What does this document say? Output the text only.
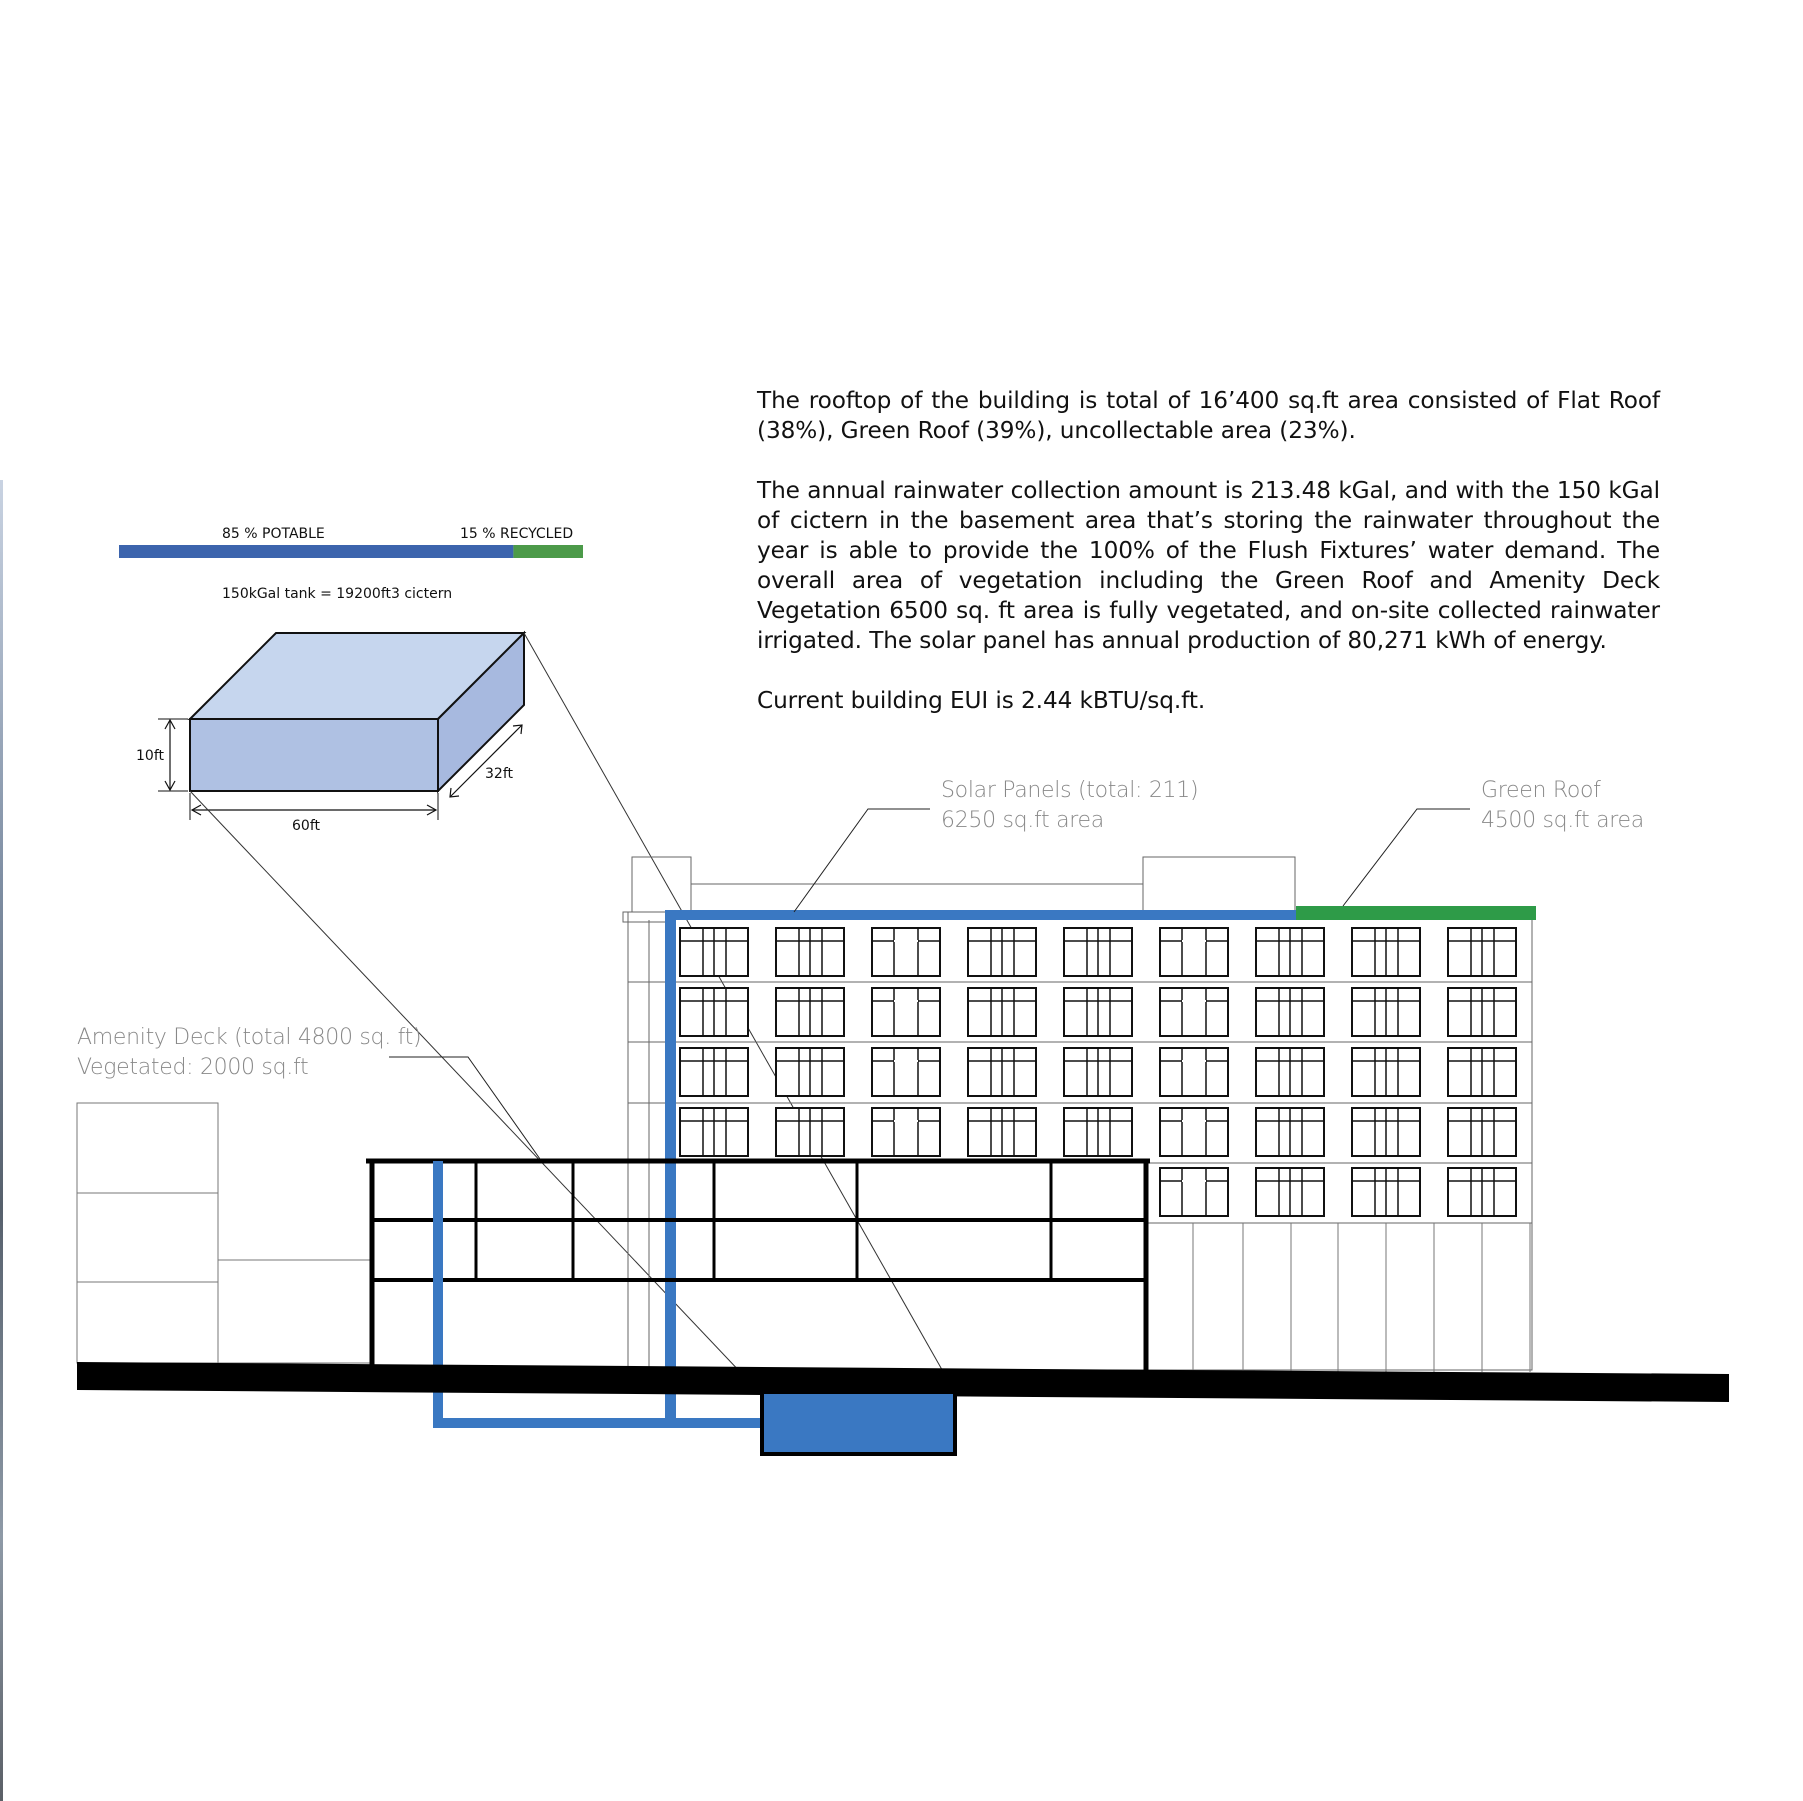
The rooftop of the building is total of 16’400 sq.ft area consisted of Flat Roof (38%), Green Roof (39%), uncollectable area (23%).

The annual rainwater collection amount is 213.48 kGal, and with the 150 kGal of cictern in the basement area that’s storing the rainwater throughout the year is able to provide the 100% of the Flush Fixtures’ water demand. The overall area of vegetation including the Green Roof and Amenity Deck Vegetation 6500 sq. ft area is fully vegetated, and on-site collected rainwater irrigated. The solar panel has annual production of 80,271 kWh of energy.

Current building EUI is 2.44 kBTU/sq.ft.

85 % POTABLE	15 % RECYCLED
150kGal tank = 19200ft3 cictern
10ft
60ft
32ft
Solar Panels (total: 211)
6250 sq.ft area
Green Roof
4500 sq.ft area
Amenity Deck (total 4800 sq. ft)
Vegetated: 2000 sq.ft
